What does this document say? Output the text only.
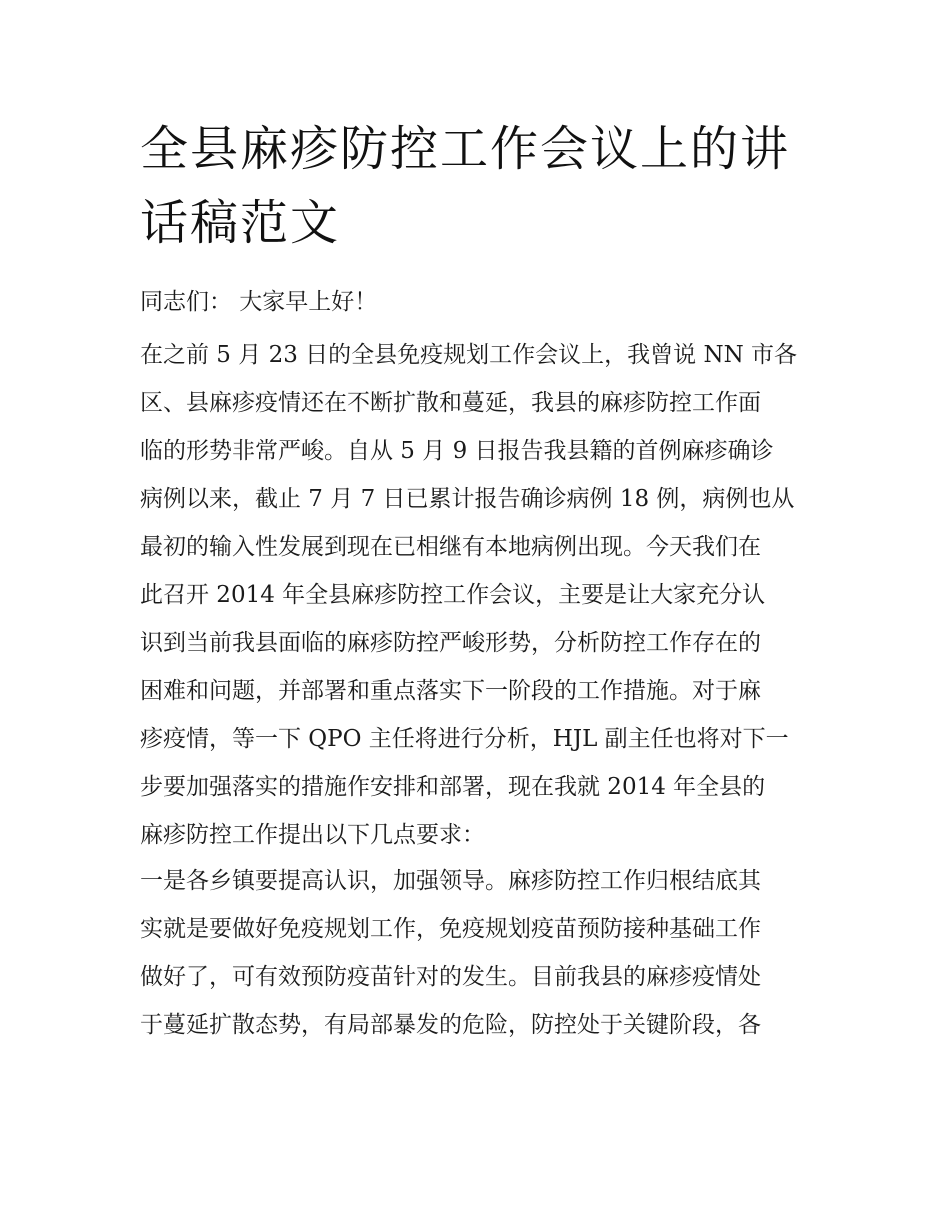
全县麻疹防控工作会议上的讲话稿范文

同志们： 大家早上好！

在之前 5 月 23 日的全县免疫规划工作会议上，我曾说 NN 市各

区、县麻疹疫情还在不断扩散和蔓延，我县的麻疹防控工作面

临的形势非常严峻。自从 5 月 9 日报告我县籍的首例麻疹确诊

病例以来，截止 7 月 7 日已累计报告确诊病例 18 例，病例也从

最初的输入性发展到现在已相继有本地病例出现。今天我们在

此召开 2014 年全县麻疹防控工作会议，主要是让大家充分认

识到当前我县面临的麻疹防控严峻形势，分析防控工作存在的

困难和问题，并部署和重点落实下一阶段的工作措施。对于麻

疹疫情，等一下 QPO 主任将进行分析，HJL 副主任也将对下一

步要加强落实的措施作安排和部署，现在我就 2014 年全县的

麻疹防控工作提出以下几点要求：

一是各乡镇要提高认识，加强领导。麻疹防控工作归根结底其

实就是要做好免疫规划工作，免疫规划疫苗预防接种基础工作

做好了，可有效预防疫苗针对的发生。目前我县的麻疹疫情处

于蔓延扩散态势，有局部暴发的危险，防控处于关键阶段，各
